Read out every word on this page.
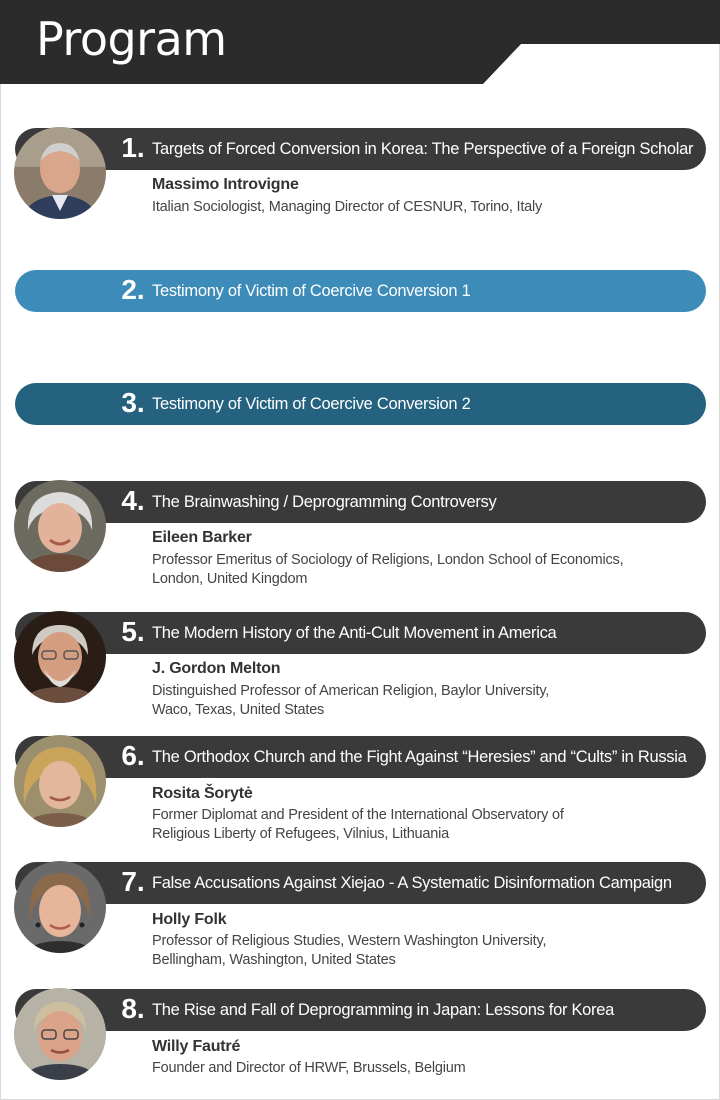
Program
1. Targets of Forced Conversion in Korea: The Perspective of a Foreign Scholar
Massimo Introvigne
Italian Sociologist, Managing Director of CESNUR, Torino, Italy
2. Testimony of Victim of Coercive Conversion 1
3. Testimony of Victim of Coercive Conversion 2
4. The Brainwashing / Deprogramming Controversy
Eileen Barker
Professor Emeritus of Sociology of Religions, London School of Economics,
London, United Kingdom
5. The Modern History of the Anti-Cult Movement in America
J. Gordon Melton
Distinguished Professor of American Religion, Baylor University,
Waco, Texas, United States
6. The Orthodox Church and the Fight Against “Heresies” and “Cults” in Russia
Rosita Šorytė
Former Diplomat and President of the International Observatory of
Religious Liberty of Refugees, Vilnius, Lithuania
7. False Accusations Against Xiejao - A Systematic Disinformation Campaign
Holly Folk
Professor of Religious Studies, Western Washington University,
Bellingham, Washington, United States
8. The Rise and Fall of Deprogramming in Japan: Lessons for Korea
Willy Fautré
Founder and Director of HRWF, Brussels, Belgium
